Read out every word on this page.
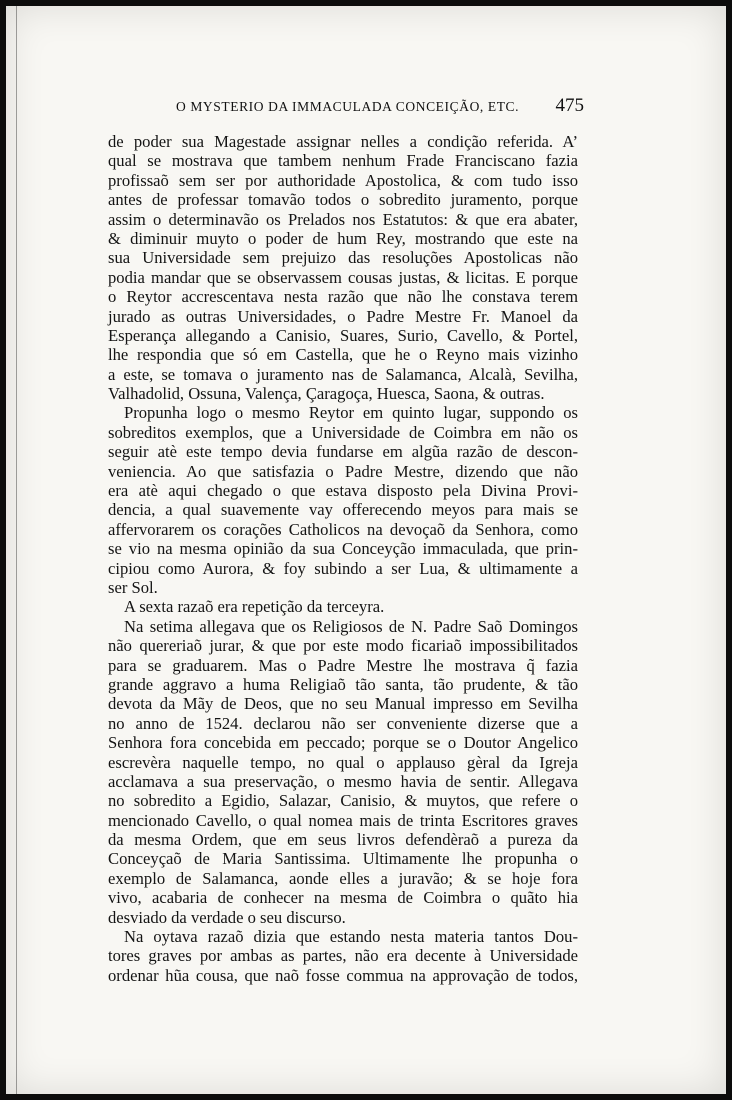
O MYSTERIO DA IMMACULADA CONCEIÇÃO, ETC. 475
de poder sua Magestade assignar nelles a condição referida. A’
qual se mostrava que tambem nenhum Frade Franciscano fazia
profissaõ sem ser por authoridade Apostolica, & com tudo isso
antes de professar tomavão todos o sobredito juramento, porque
assim o determinavão os Prelados nos Estatutos: & que era abater,
& diminuir muyto o poder de hum Rey, mostrando que este na
sua Universidade sem prejuizo das resoluções Apostolicas não
podia mandar que se observassem cousas justas, & licitas. E porque
o Reytor accrescentava nesta razão que não lhe constava terem
jurado as outras Universidades, o Padre Mestre Fr. Manoel da
Esperança allegando a Canisio, Suares, Surio, Cavello, & Portel,
lhe respondia que só em Castella, que he o Reyno mais vizinho
a este, se tomava o juramento nas de Salamanca, Alcalà, Sevilha,
Valhadolid, Ossuna, Valença, Çaragoça, Huesca, Saona, & outras.
Propunha logo o mesmo Reytor em quinto lugar, suppondo os
sobreditos exemplos, que a Universidade de Coimbra em não os
seguir atè este tempo devia fundarse em algũa razão de descon-
veniencia. Ao que satisfazia o Padre Mestre, dizendo que não
era atè aqui chegado o que estava disposto pela Divina Provi-
dencia, a qual suavemente vay offerecendo meyos para mais se
affervorarem os corações Catholicos na devoçaõ da Senhora, como
se vio na mesma opinião da sua Conceyção immaculada, que prin-
cipiou como Aurora, & foy subindo a ser Lua, & ultimamente a
ser Sol.
A sexta razaõ era repetição da terceyra.
Na setima allegava que os Religiosos de N. Padre Saõ Domingos
não quereriaõ jurar, & que por este modo ficariaõ impossibilitados
para se graduarem. Mas o Padre Mestre lhe mostrava q̃ fazia
grande aggravo a huma Religiaõ tão santa, tão prudente, & tão
devota da Mãy de Deos, que no seu Manual impresso em Sevilha
no anno de 1524. declarou não ser conveniente dizerse que a
Senhora fora concebida em peccado; porque se o Doutor Angelico
escrevèra naquelle tempo, no qual o applauso gèral da Igreja
acclamava a sua preservação, o mesmo havia de sentir. Allegava
no sobredito a Egidio, Salazar, Canisio, & muytos, que refere o
mencionado Cavello, o qual nomea mais de trinta Escritores graves
da mesma Ordem, que em seus livros defendèraõ a pureza da
Conceyçaõ de Maria Santissima. Ultimamente lhe propunha o
exemplo de Salamanca, aonde elles a juravão; & se hoje fora
vivo, acabaria de conhecer na mesma de Coimbra o quãto hia
desviado da verdade o seu discurso.
Na oytava razaõ dizia que estando nesta materia tantos Dou-
tores graves por ambas as partes, não era decente à Universidade
ordenar hũa cousa, que naõ fosse commua na approvação de todos,
